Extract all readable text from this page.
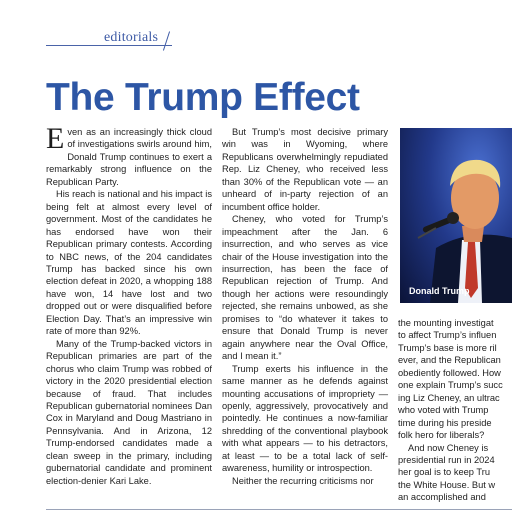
editorials
The Trump Effect

Even as an increasingly thick cloud of investigations swirls around him, Donald Trump continues to exert a remarkably strong influence on the Republican Party.

His reach is national and his impact is being felt at almost every level of government. Most of the candidates he has endorsed have won their Republican primary contests. According to NBC news, of the 204 candidates Trump has backed since his own election defeat in 2020, a whopping 188 have won, 14 have lost and two dropped out or were disqualified before Election Day. That’s an impressive win rate of more than 92%.

Many of the Trump-backed victors in Republican primaries are part of the chorus who claim Trump was robbed of victory in the 2020 presidential election because of fraud. That includes Republican gubernatorial nominees Dan Cox in Maryland and Doug Mastriano in Pennsylvania. And in Arizona, 12 Trump-endorsed candidates made a clean sweep in the primary, including gubernatorial candidate and prominent election-denier Kari Lake.

But Trump’s most decisive primary win was in Wyoming, where Republicans overwhelmingly repudiated Rep. Liz Cheney, who received less than 30% of the Republican vote — an unheard of in-party rejection of an incumbent office holder.

Cheney, who voted for Trump’s impeachment after the Jan. 6 insurrection, and who serves as vice chair of the House investigation into the insurrection, has been the face of Republican rejection of Trump. And though her actions were resoundingly rejected, she remains unbowed, as she promises to “do whatever it takes to ensure that Donald Trump is never again anywhere near the Oval Office, and I mean it.”

Trump exerts his influence in the same manner as he defends against mounting accusations of impropriety — openly, aggressively, provocatively and pointedly. He continues a now-familiar shredding of the conventional playbook with what appears — to his detractors, at least — to be a total lack of self-awareness, humility or introspection.

Neither the recurring criticisms nor

Donald Trump

the mounting investigat

to affect Trump’s influen

Trump’s base is more ril

ever, and the Republican

obediently followed. How

one explain Trump’s succ

ing Liz Cheney, an ultrac

who voted with Trump

time during his preside

folk hero for liberals?

And now Cheney is

presidential run in 2024

her goal is to keep Tru

the White House. But w

an accomplished and
